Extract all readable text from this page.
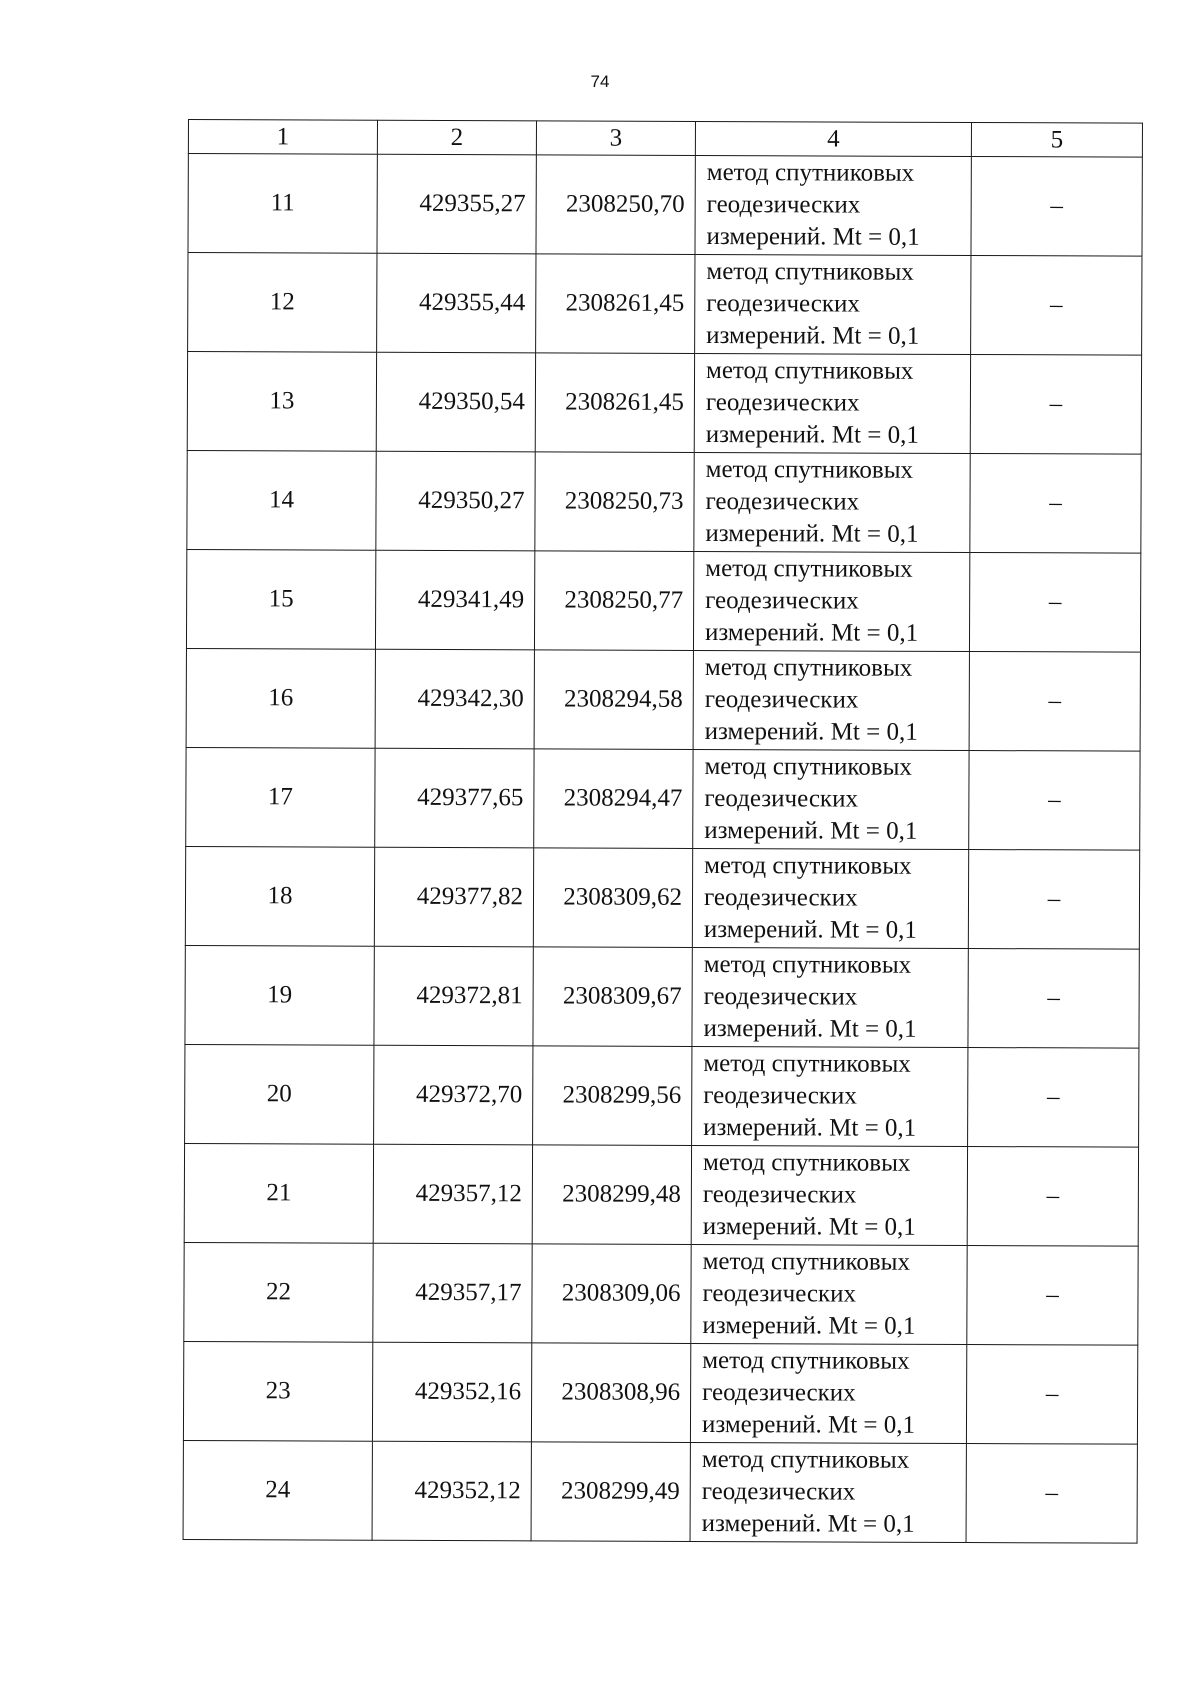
74
1	2	3	4	5
11	429355,27	2308250,70	метод спутниковых
геодезических
измерений. Mt = 0,1	–
12	429355,44	2308261,45	метод спутниковых
геодезических
измерений. Mt = 0,1	–
13	429350,54	2308261,45	метод спутниковых
геодезических
измерений. Mt = 0,1	–
14	429350,27	2308250,73	метод спутниковых
геодезических
измерений. Mt = 0,1	–
15	429341,49	2308250,77	метод спутниковых
геодезических
измерений. Mt = 0,1	–
16	429342,30	2308294,58	метод спутниковых
геодезических
измерений. Mt = 0,1	–
17	429377,65	2308294,47	метод спутниковых
геодезических
измерений. Mt = 0,1	–
18	429377,82	2308309,62	метод спутниковых
геодезических
измерений. Mt = 0,1	–
19	429372,81	2308309,67	метод спутниковых
геодезических
измерений. Mt = 0,1	–
20	429372,70	2308299,56	метод спутниковых
геодезических
измерений. Mt = 0,1	–
21	429357,12	2308299,48	метод спутниковых
геодезических
измерений. Mt = 0,1	–
22	429357,17	2308309,06	метод спутниковых
геодезических
измерений. Mt = 0,1	–
23	429352,16	2308308,96	метод спутниковых
геодезических
измерений. Mt = 0,1	–
24	429352,12	2308299,49	метод спутниковых
геодезических
измерений. Mt = 0,1	–
